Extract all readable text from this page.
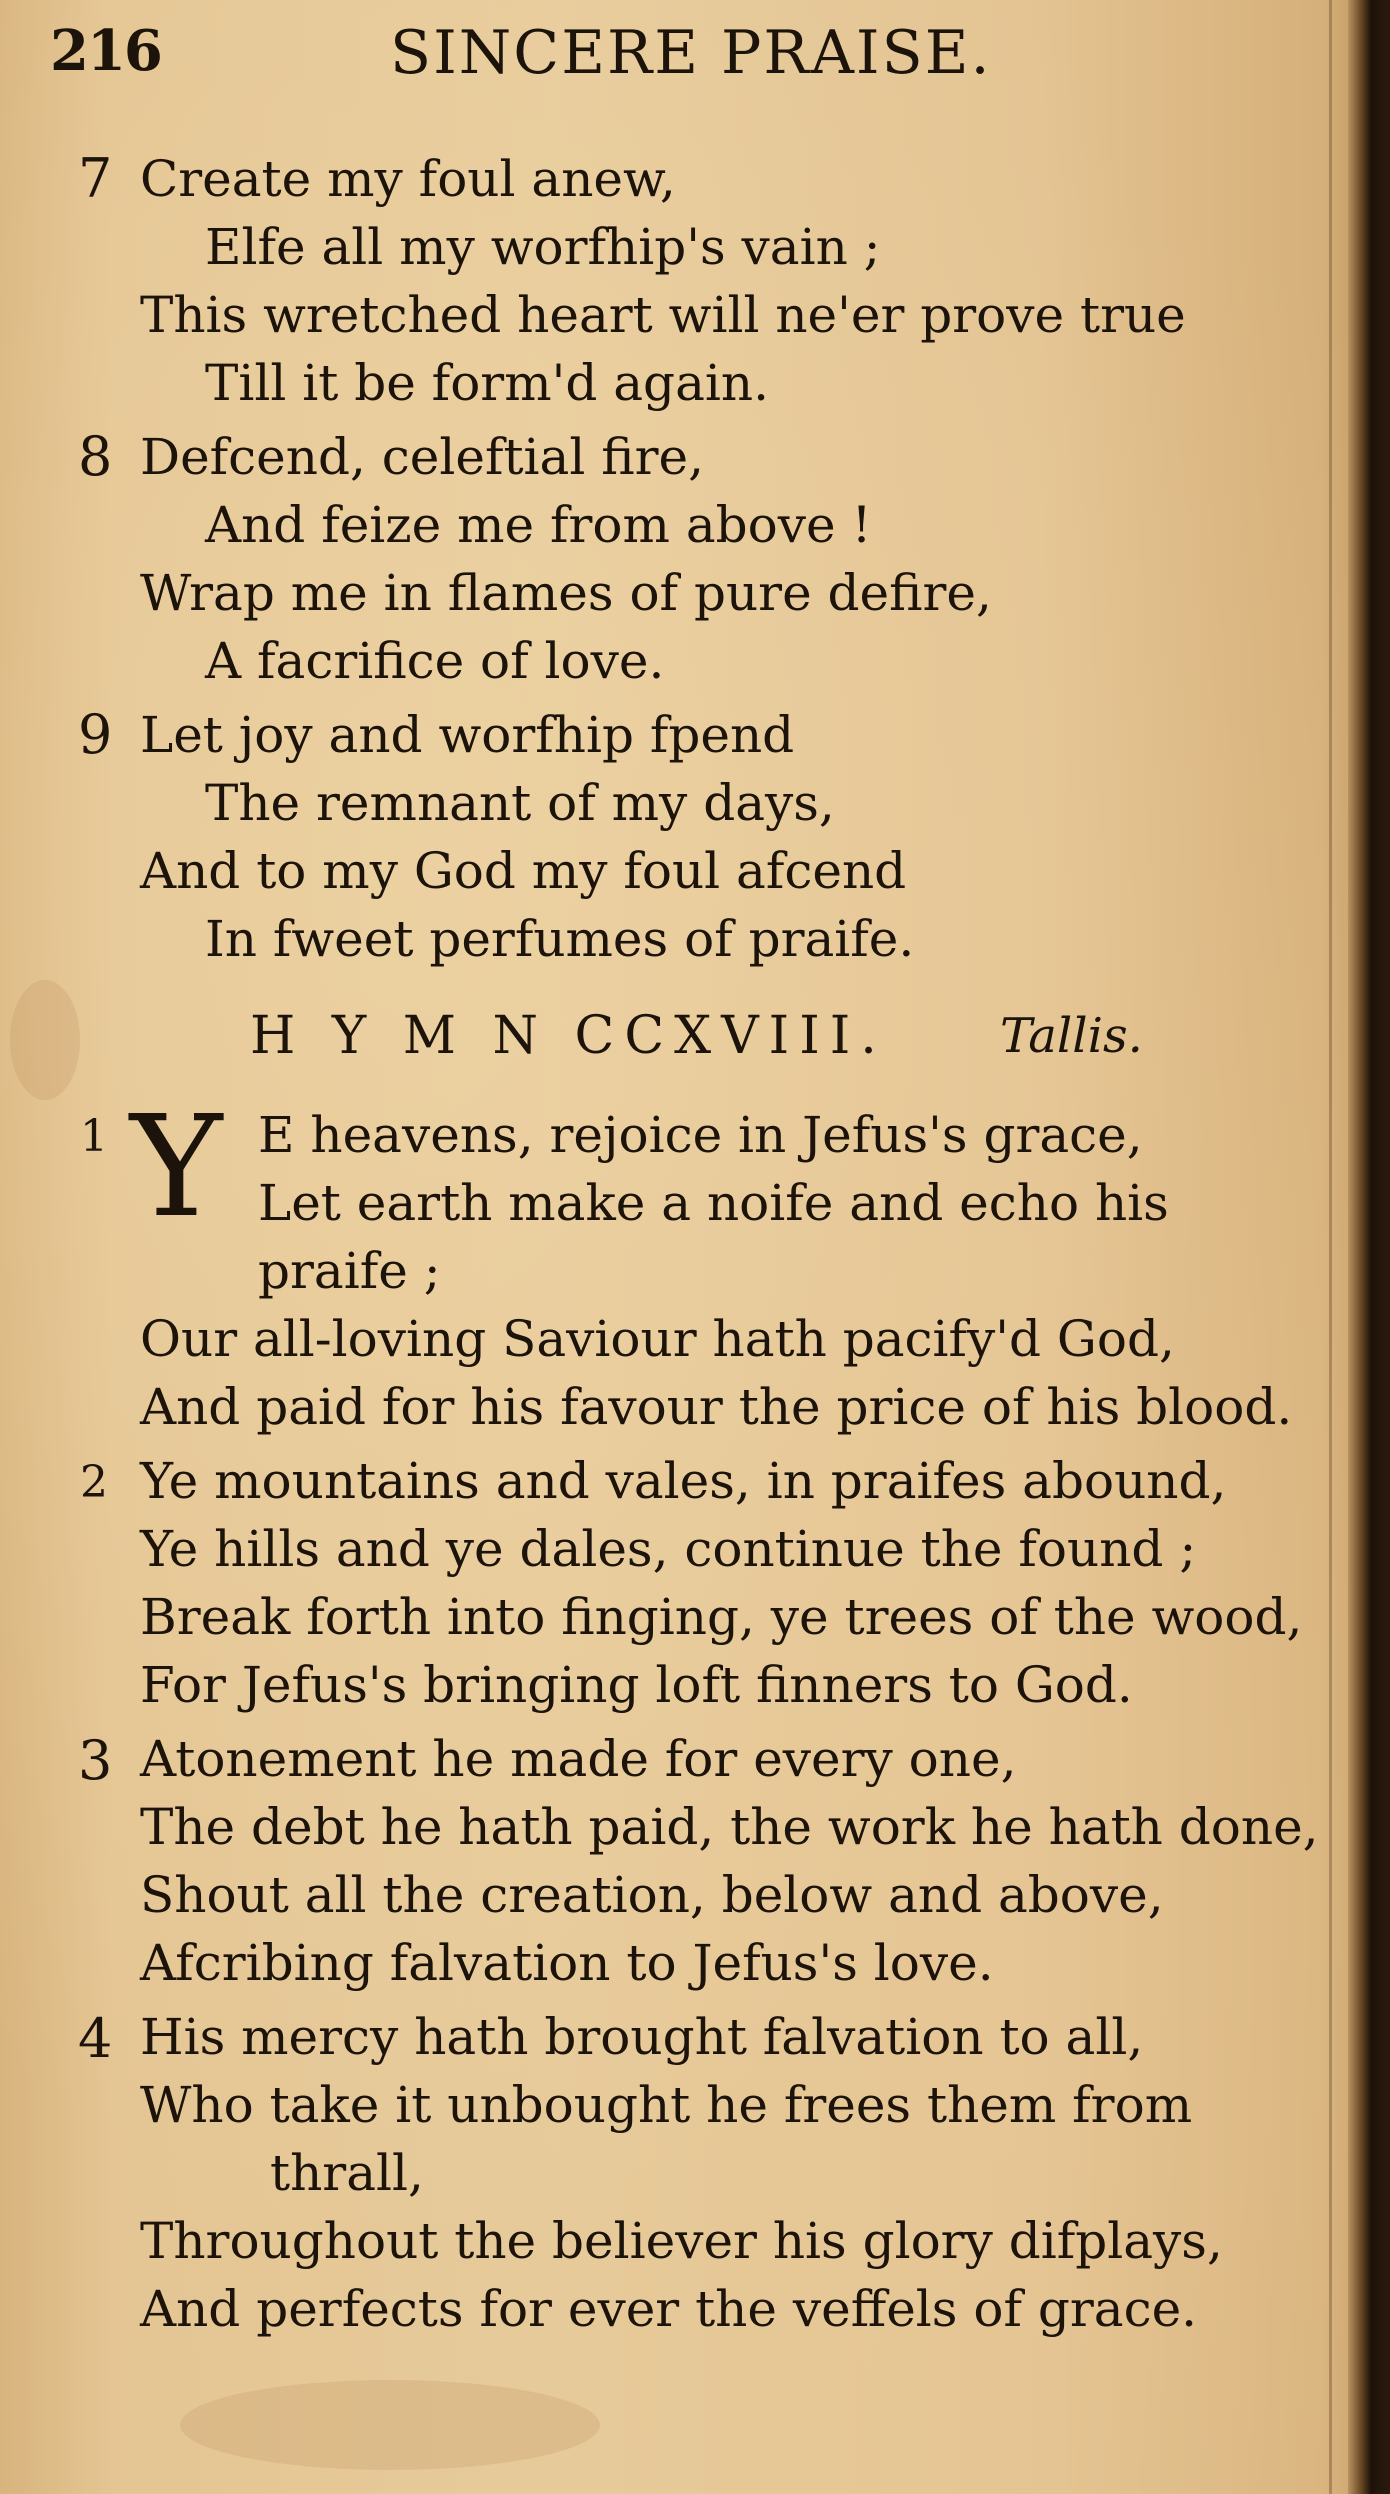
216	SINCERE PRAISE.
7 Create my foul anew,
Elfe all my worfhip's vain ;
This wretched heart will ne'er prove true
Till it be form'd again.
8 Defcend, celeftial fire,
And feize me from above !
Wrap me in flames of pure defire,
A facrifice of love.
9 Let joy and worfhip fpend
The remnant of my days,
And to my God my foul afcend
In fweet perfumes of praife.
H Y M N CCXVIII. Tallis.
1 Y E heavens, rejoice in Jefus's grace,
Let earth make a noife and echo his
praife ;
Our all-loving Saviour hath pacify'd God,
And paid for his favour the price of his blood.
2 Ye mountains and vales, in praifes abound,
Ye hills and ye dales, continue the found ;
Break forth into finging, ye trees of the wood,
For Jefus's bringing loft finners to God.
3 Atonement he made for every one,
The debt he hath paid, the work he hath done,
Shout all the creation, below and above,
Afcribing falvation to Jefus's love.
4 His mercy hath brought falvation to all,
Who take it unbought he frees them from
thrall,
Throughout the believer his glory difplays,
And perfects for ever the veffels of grace.
